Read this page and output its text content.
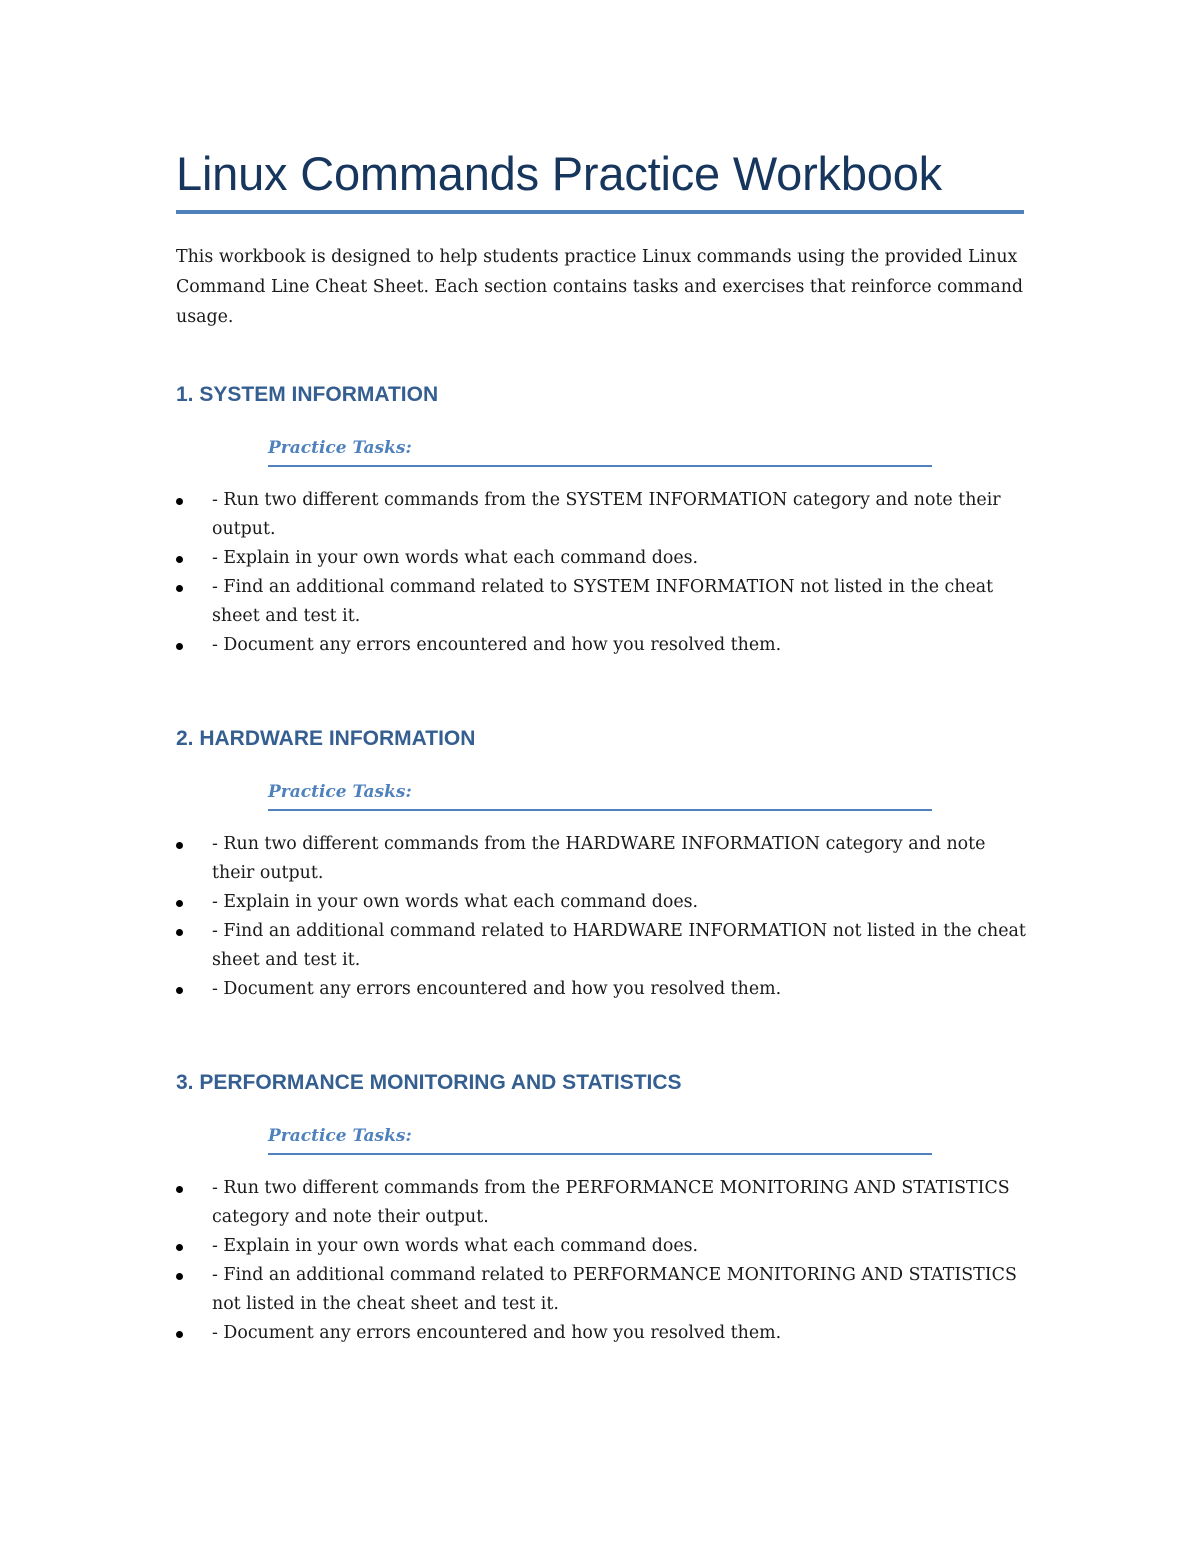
Linux Commands Practice Workbook
This workbook is designed to help students practice Linux commands using the provided Linux Command Line Cheat Sheet. Each section contains tasks and exercises that reinforce command usage.
1. SYSTEM INFORMATION
Practice Tasks:
- Run two different commands from the SYSTEM INFORMATION category and note their output.
- Explain in your own words what each command does.
- Find an additional command related to SYSTEM INFORMATION not listed in the cheat sheet and test it.
- Document any errors encountered and how you resolved them.
2. HARDWARE INFORMATION
Practice Tasks:
- Run two different commands from the HARDWARE INFORMATION category and note their output.
- Explain in your own words what each command does.
- Find an additional command related to HARDWARE INFORMATION not listed in the cheat sheet and test it.
- Document any errors encountered and how you resolved them.
3. PERFORMANCE MONITORING AND STATISTICS
Practice Tasks:
- Run two different commands from the PERFORMANCE MONITORING AND STATISTICS category and note their output.
- Explain in your own words what each command does.
- Find an additional command related to PERFORMANCE MONITORING AND STATISTICS not listed in the cheat sheet and test it.
- Document any errors encountered and how you resolved them.
